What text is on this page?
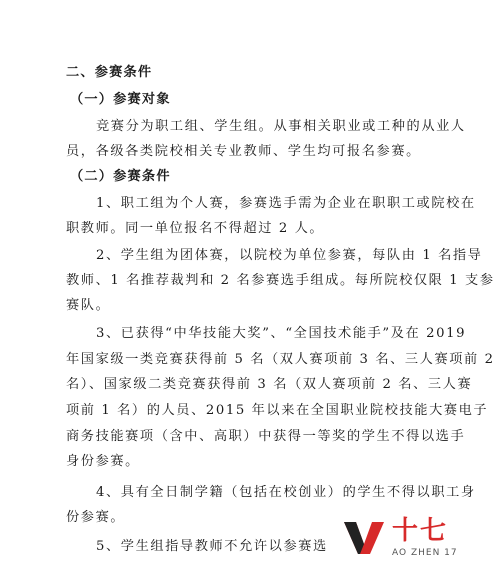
二、参赛条件
（一）参赛对象
竞赛分为职工组、学生组。从事相关职业或工种的从业人
员，各级各类院校相关专业教师、学生均可报名参赛。
（二）参赛条件
1、职工组为个人赛，参赛选手需为企业在职职工或院校在
职教师。同一单位报名不得超过 2 人。
2、学生组为团体赛，以院校为单位参赛，每队由 1 名指导
教师、1 名推荐裁判和 2 名参赛选手组成。每所院校仅限 1 支参
赛队。
3、已获得“中华技能大奖”、“全国技术能手”及在 2019
年国家级一类竞赛获得前 5 名（双人赛项前 3 名、三人赛项前 2
名）、国家级二类竞赛获得前 3 名（双人赛项前 2 名、三人赛
项前 1 名）的人员、2015 年以来在全国职业院校技能大赛电子
商务技能赛项（含中、高职）中获得一等奖的学生不得以选手
身份参赛。
4、具有全日制学籍（包括在校创业）的学生不得以职工身
份参赛。
5、学生组指导教师不允许以参赛选
十七
AO ZHEN 17
